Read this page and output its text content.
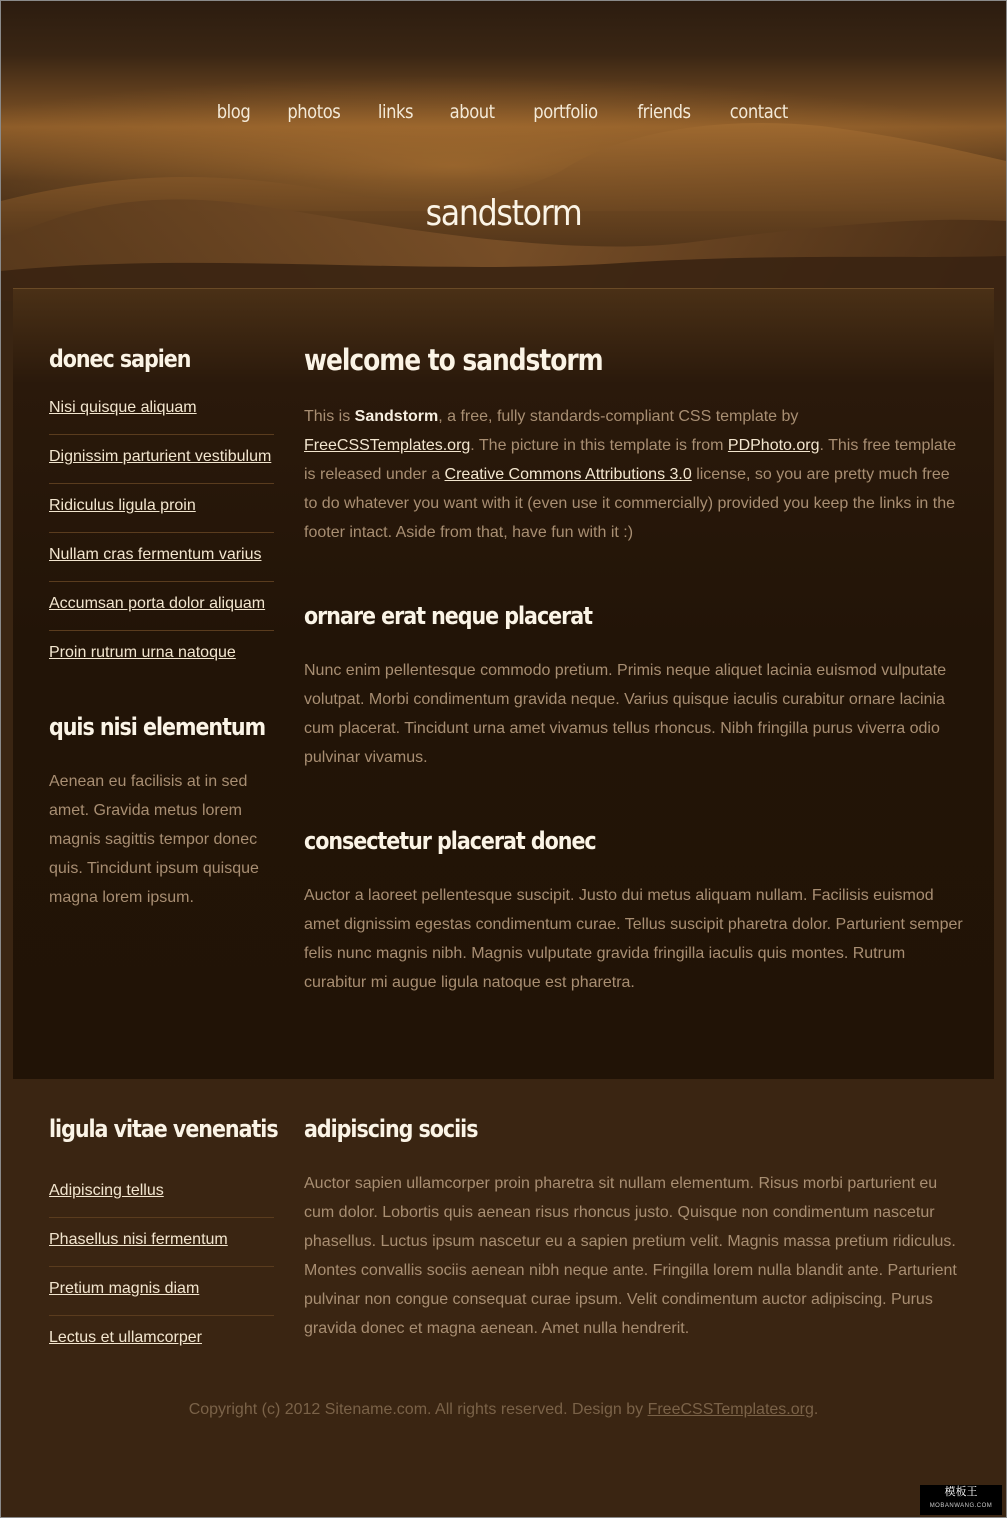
blog photos links about portfolio friends contact
sandstorm
donec sapien
Nisi quisque aliquam
Dignissim parturient vestibulum
Ridiculus ligula proin
Nullam cras fermentum varius
Accumsan porta dolor aliquam
Proin rutrum urna natoque
quis nisi elementum

Aenean eu facilisis at in sed amet. Gravida metus lorem magnis sagittis tempor donec quis. Tincidunt ipsum quisque magna lorem ipsum.

welcome to sandstorm

This is Sandstorm, a free, fully standards-compliant CSS template by FreeCSSTemplates.org. The picture in this template is from PDPhoto.org. This free template is released under a Creative Commons Attributions 3.0 license, so you are pretty much free to do whatever you want with it (even use it commercially) provided you keep the links in the footer intact. Aside from that, have fun with it :)

ornare erat neque placerat

Nunc enim pellentesque commodo pretium. Primis neque aliquet lacinia euismod vulputate volutpat. Morbi condimentum gravida neque. Varius quisque iaculis curabitur ornare lacinia cum placerat. Tincidunt urna amet vivamus tellus rhoncus. Nibh fringilla purus viverra odio pulvinar vivamus.

consectetur placerat donec

Auctor a laoreet pellentesque suscipit. Justo dui metus aliquam nullam. Facilisis euismod amet dignissim egestas condimentum curae. Tellus suscipit pharetra dolor. Parturient semper felis nunc magnis nibh. Magnis vulputate gravida fringilla iaculis quis montes. Rutrum curabitur mi augue ligula natoque est pharetra.

ligula vitae venenatis
Adipiscing tellus
Phasellus nisi fermentum
Pretium magnis diam
Lectus et ullamcorper
adipiscing sociis

Auctor sapien ullamcorper proin pharetra sit nullam elementum. Risus morbi parturient eu cum dolor. Lobortis quis aenean risus rhoncus justo. Quisque non condimentum nascetur phasellus. Luctus ipsum nascetur eu a sapien pretium velit. Magnis massa pretium ridiculus. Montes convallis sociis aenean nibh neque ante. Fringilla lorem nulla blandit ante. Parturient pulvinar non congue consequat curae ipsum. Velit condimentum auctor adipiscing. Purus gravida donec et magna aenean. Amet nulla hendrerit.

Copyright (c) 2012 Sitename.com. All rights reserved. Design by FreeCSSTemplates.org.
模板王
MOBANWANG.COM
